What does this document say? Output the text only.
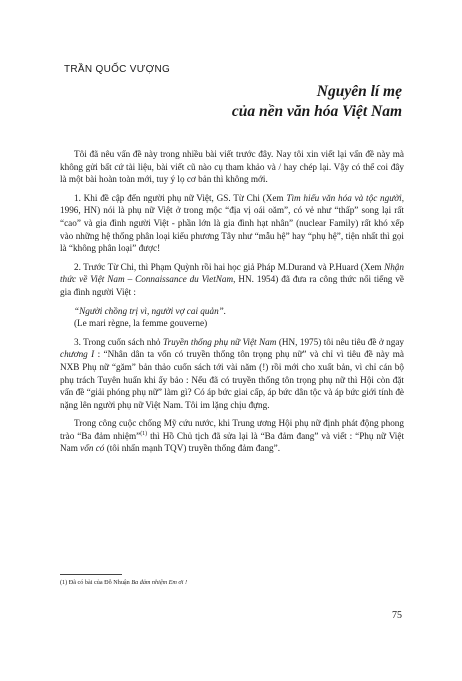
TRẦN QUỐC VƯỢNG
Nguyên lí mẹ
của nền văn hóa Việt Nam

Tôi đã nêu vấn đề này trong nhiều bài viết trước đây. Nay tôi xin viết lại vấn đề này mà không gửi bất cứ tài liệu, bài viết cũ nào cụ tham khảo và / hay chép lại. Vậy có thể coi đây là một bài hoàn toàn mới, tuy ý lọ cơ bản thì không mới.

1. Khi đề cập đến người phụ nữ Việt, GS. Từ Chi (Xem Tìm hiểu văn hóa và tộc người, 1996, HN) nói là phụ nữ Việt ở trong mộc “địa vị oái oăm”, có vẻ như “thấp” song lại rất “cao” và gia đình người Việt - phần lớn là gia đình hạt nhân” (nuclear Family) rất khó xếp vào những hệ thống phân loại kiểu phương Tây như “mẫu hệ” hay “phụ hệ”, tiện nhất thì gọi là “không phân loại” được!

2. Trước Từ Chi, thì Phạm Quỳnh rồi hai học giả Pháp M.Durand và P.Huard (Xem Nhận thức về Việt Nam – Connaissance du VietNam, HN. 1954) đã đưa ra công thức nổi tiếng về gia đình người Việt :

“Người chồng trị vì, người vợ cai quản”.

(Le mari règne, la femme gouverne)

3. Trong cuốn sách nhỏ Truyền thống phụ nữ Việt Nam (HN, 1975) tôi nêu tiêu đề ở ngay chương I : “Nhân dân ta vốn có truyền thống tôn trọng phụ nữ” và chỉ vì tiêu đề này mà NXB Phụ nữ “găm” bản thảo cuốn sách tới vài năm (!) rồi mới cho xuất bản, vì chỉ cán bộ phụ trách Tuyên huấn khi ấy bảo : Nếu đã có truyền thống tôn trọng phụ nữ thì Hội còn đặt vấn đề “giải phóng phụ nữ” làm gì? Có áp bức giai cấp, áp bức dân tộc và áp bức giới tính đè nặng lên người phụ nữ Việt Nam. Tôi im lặng chịu đựng.

Trong công cuộc chống Mỹ cứu nước, khi Trung ương Hội phụ nữ định phát động phong trào “Ba đảm nhiệm”$^{(1)}$ thì Hồ Chủ tịch đã sửa lại là “Ba đảm đang” và viết : “Phụ nữ Việt Nam vốn có (tôi nhấn mạnh TQV) truyền thống đảm đang”.

(1) Đã có bài của Đỗ Nhuận Ba đảm nhiệm Em ơi !
75
